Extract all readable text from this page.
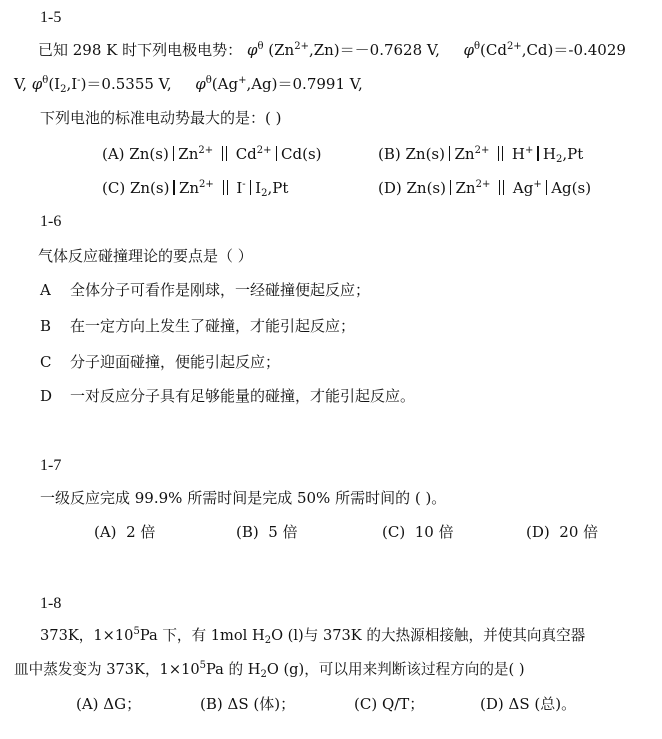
1-5
已知 298 K 时下列电极电势： $\varphi^\theta$ $(Zn^{2+},Zn)=-0.7628$ V, $\varphi^\theta(Cd^{2+},Cd)=-0.4029$
V, $\varphi^\theta(I_2,I^-)=0.5355$ V, $\varphi^\theta(Ag^+,Ag)=0.7991$ V,
下列电池的标准电动势最大的是：( )
(A) Zn(s) $Zn^{2+}$ $Cd^{2+}$ Cd(s)	(B) Zn(s) $Zn^{2+}$ H+ $H_2,Pt$
(C) Zn(s) $Zn^{2+}$ I- $I_2,Pt$	(D) Zn(s) $Zn^{2+}$ Ag+ Ag(s)
1-6
气体反应碰撞理论的要点是（ ）
A 全体分子可看作是刚球，一经碰撞便起反应；
B 在一定方向上发生了碰撞，才能引起反应；
C 分子迎面碰撞，便能引起反应；
D 一对反应分子具有足够能量的碰撞，才能引起反应。
1-7
一级反应完成 99.9% 所需时间是完成 50% 所需时间的 ( )。
(A) 2 倍	(B) 5 倍	(C) 10 倍	(D) 20 倍
1-8
373K，$1\times 10^5Pa$ 下，有 1mol $H_2O$ (l)与 373K 的大热源相接触，并使其向真空器
皿中蒸发变为 373K，$1\times 10^5Pa$ 的 $H_2O$ (g)，可以用来判断该过程方向的是( )
(A) ΔG；	(B) ΔS (体)；	(C) Q/T；	(D) ΔS (总)。
